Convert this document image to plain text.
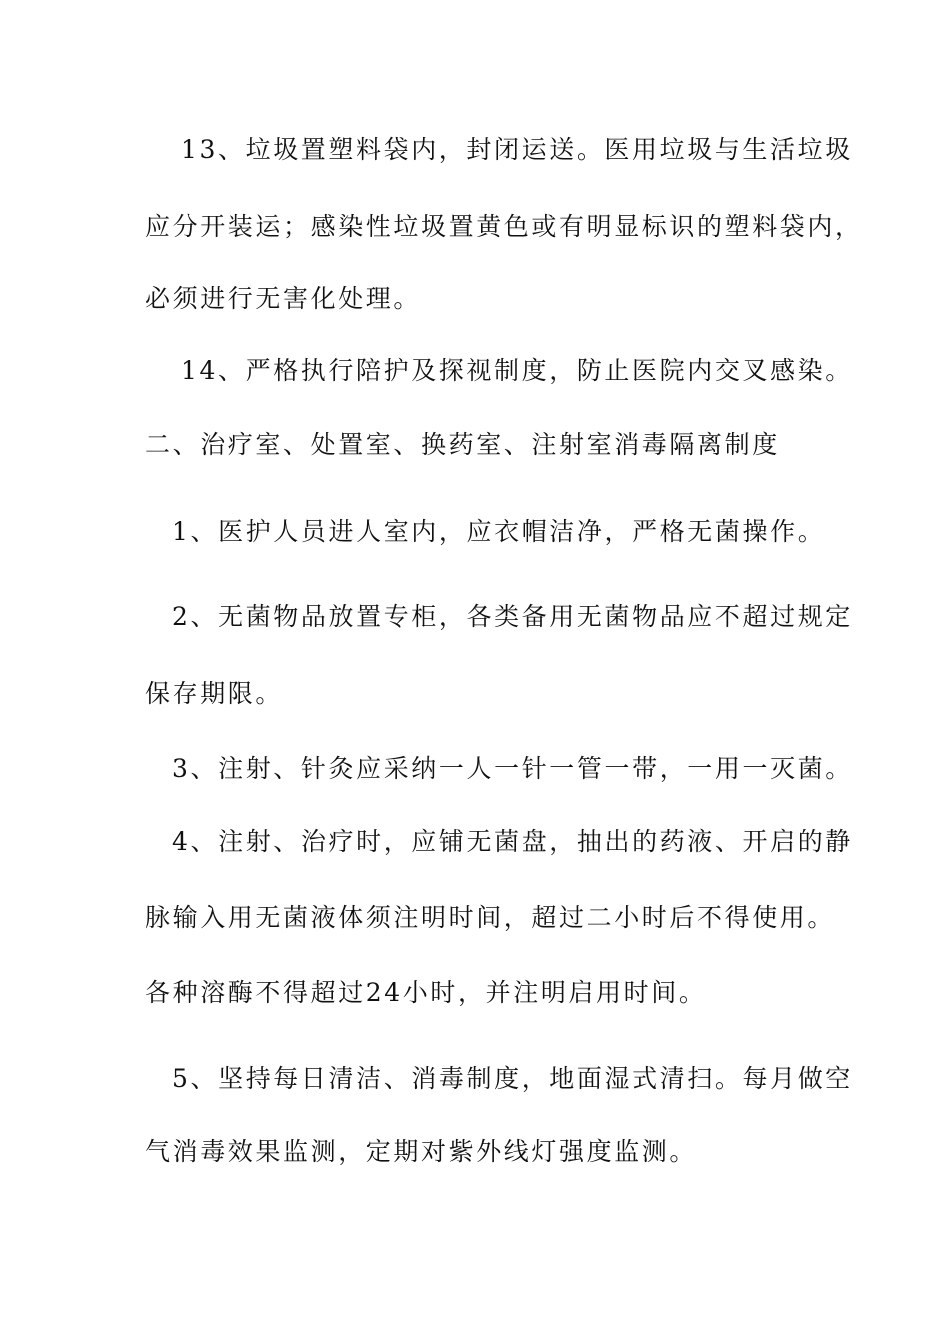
13、垃圾置塑料袋内，封闭运送。医用垃圾与生活垃圾
应分开装运；感染性垃圾置黄色或有明显标识的塑料袋内，
必须进行无害化处理。
14、严格执行陪护及探视制度，防止医院内交叉感染。
二、治疗室、处置室、换药室、注射室消毒隔离制度
1、医护人员进人室内，应衣帽洁净，严格无菌操作。
2、无菌物品放置专柜，各类备用无菌物品应不超过规定
保存期限。
3、注射、针灸应采纳一人一针一管一带，一用一灭菌。
4、注射、治疗时，应铺无菌盘，抽出的药液、开启的静
脉输入用无菌液体须注明时间，超过二小时后不得使用。
各种溶酶不得超过24小时，并注明启用时间。
5、坚持每日清洁、消毒制度，地面湿式清扫。每月做空
气消毒效果监测，定期对紫外线灯强度监测。
